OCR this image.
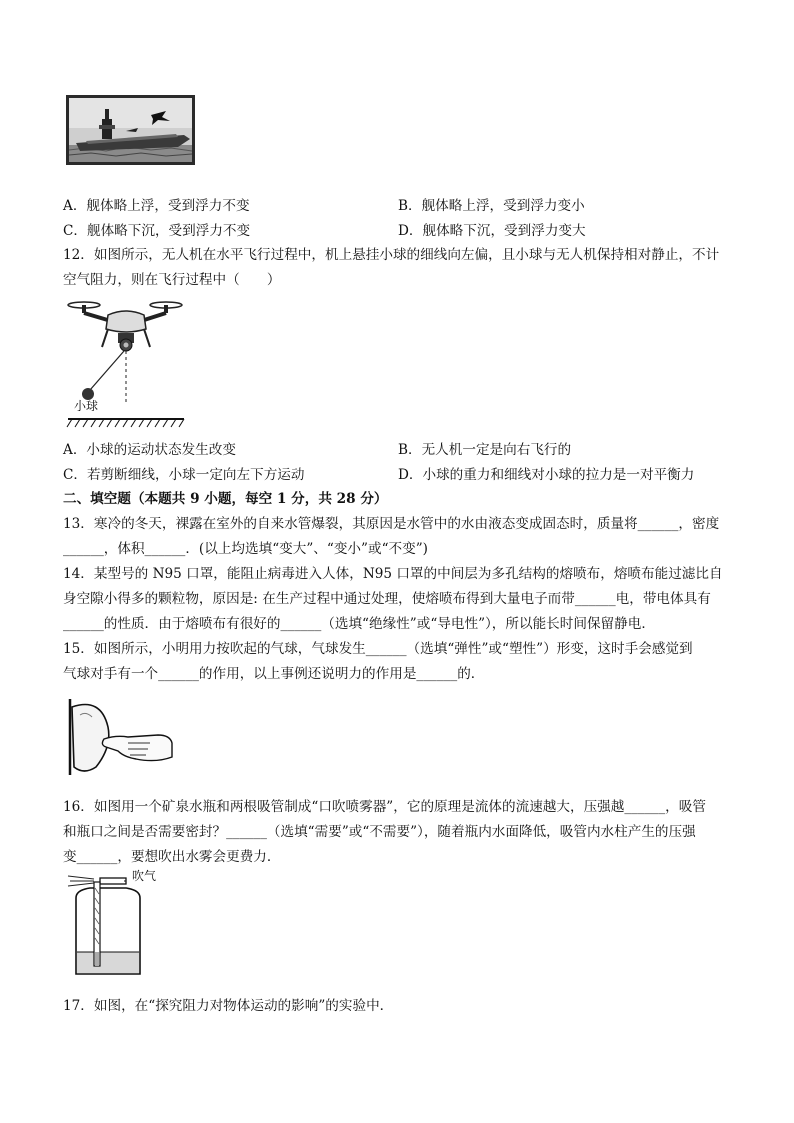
A．舰体略上浮，受到浮力不变	B．舰体略上浮，受到浮力变小
C．舰体略下沉，受到浮力不变	D．舰体略下沉，受到浮力变大
12．如图所示，无人机在水平飞行过程中，机上悬挂小球的细线向左偏，且小球与无人机保持相对静止，不计
空气阻力，则在飞行过程中（　　）
小球
A．小球的运动状态发生改变	B．无人机一定是向右飞行的
C．若剪断细线，小球一定向左下方运动	D．小球的重力和细线对小球的拉力是一对平衡力
二、填空题（本题共 9 小题，每空 1 分，共 28 分）
13．寒冷的冬天，裸露在室外的自来水管爆裂，其原因是水管中的水由液态变成固态时，质量将______，密度
______，体积______．(以上均选填“变大”、“变小”或“不变”)
14．某型号的 N95 口罩，能阻止病毒进入人体，N95 口罩的中间层为多孔结构的熔喷布，熔喷布能过滤比自
身空隙小得多的颗粒物，原因是: 在生产过程中通过处理，使熔喷布得到大量电子而带______电，带电体具有
______的性质．由于熔喷布有很好的______（选填“绝缘性”或“导电性”），所以能长时间保留静电．
15．如图所示，小明用力按吹起的气球，气球发生______（选填“弹性”或“塑性”）形变，这时手会感觉到
气球对手有一个______的作用，以上事例还说明力的作用是______的．
16．如图用一个矿泉水瓶和两根吸管制成“口吹喷雾器”，它的原理是流体的流速越大，压强越______，吸管
和瓶口之间是否需要密封？______（选填“需要”或“不需要”），随着瓶内水面降低，吸管内水柱产生的压强
变______，要想吹出水雾会更费力．
吹气
17．如图，在“探究阻力对物体运动的影响”的实验中．
